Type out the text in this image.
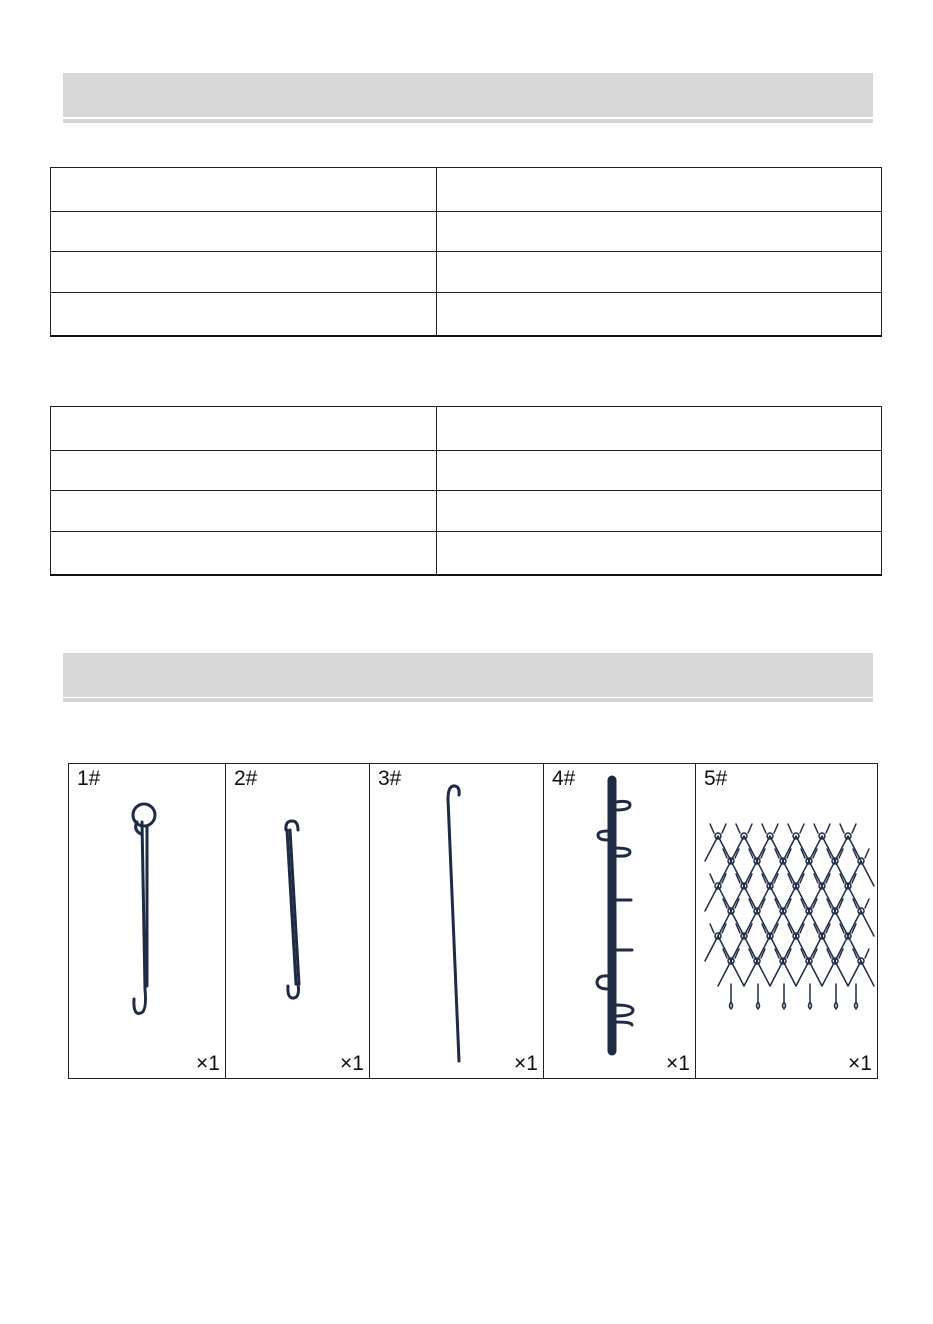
1#
×1
2#
×1
3#
×1
4#
×1
5#
×1
